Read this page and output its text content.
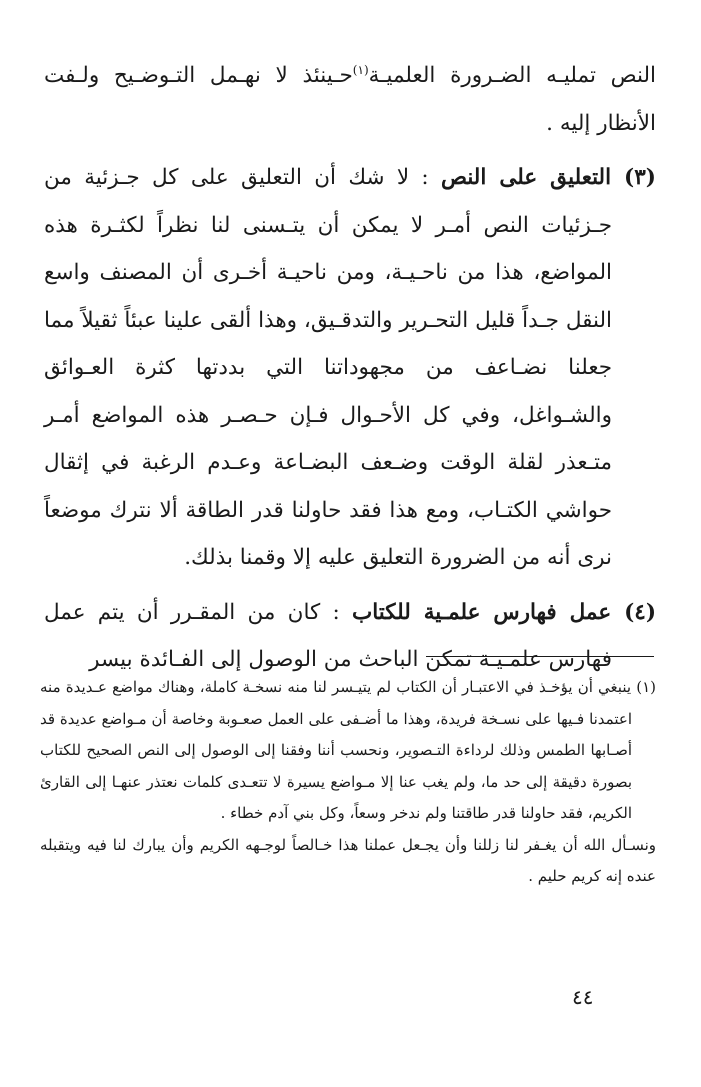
النص تمليـه الضـرورة العلميـة$^{(١)}$حـينئذ لا نهـمل التـوضـيح ولـفت الأنظار إليه .

(٣) التعليق على النص : لا شك أن التعليق على كل جـزئية من جـزئيات النص أمـر لا يمكن أن يتـسنى لنا نظراً لكثـرة هذه المواضع، هذا من ناحـيـة، ومن ناحيـة أخـرى أن المصنف واسع النقل جـداً قليل التحـرير والتدقـيق، وهذا ألقى علينا عبئاً ثقيلاً مما جعلنا نضـاعف من مجهوداتنا التي بددتها كثرة العـوائق والشـواغل، وفي كل الأحـوال فـإن حـصـر هذه المواضع أمـر متـعذر لقلة الوقت وضـعف البضـاعة وعـدم الرغبة في إثقال حواشي الكتـاب، ومع هذا فقد حاولنا قدر الطاقة ألا نترك موضعاً نرى أنه من الضرورة التعليق عليه إلا وقمنا بذلك.

(٤) عمل فهارس علمـية للكتاب : كان من المقـرر أن يتم عمل فهارس علمـيـة تمكن الباحث من الوصول إلى الفـائدة بيسر

(١) ينبغي أن يؤخـذ في الاعتبـار أن الكتاب لم يتيـسر لنا منه نسخـة كاملة، وهناك مواضع عـديدة منه اعتمدنا فـيها على نسـخة فريدة، وهذا ما أضـفى على العمل صعـوبة وخاصة أن مـواضع عديدة قد أصـابها الطمس وذلك لرداءة التـصوير، ونحسب أننا وفقنا إلى الوصول إلى النص الصحيح للكتاب بصورة دقيقة إلى حد ما، ولم يغب عنا إلا مـواضع يسيرة لا تتعـدى كلمات نعتذر عنهـا إلى القارئ الكريم، فقد حاولنا قدر طاقتنا ولم ندخر وسعاً، وكل بني آدم خطاء .

ونسـأل الله أن يغـفر لنا زللنا وأن يجـعل عملنا هذا خـالصاً لوجـهه الكريم وأن يبارك لنا فيه ويتقبله عنده إنه كريم حليم .

٤٤
